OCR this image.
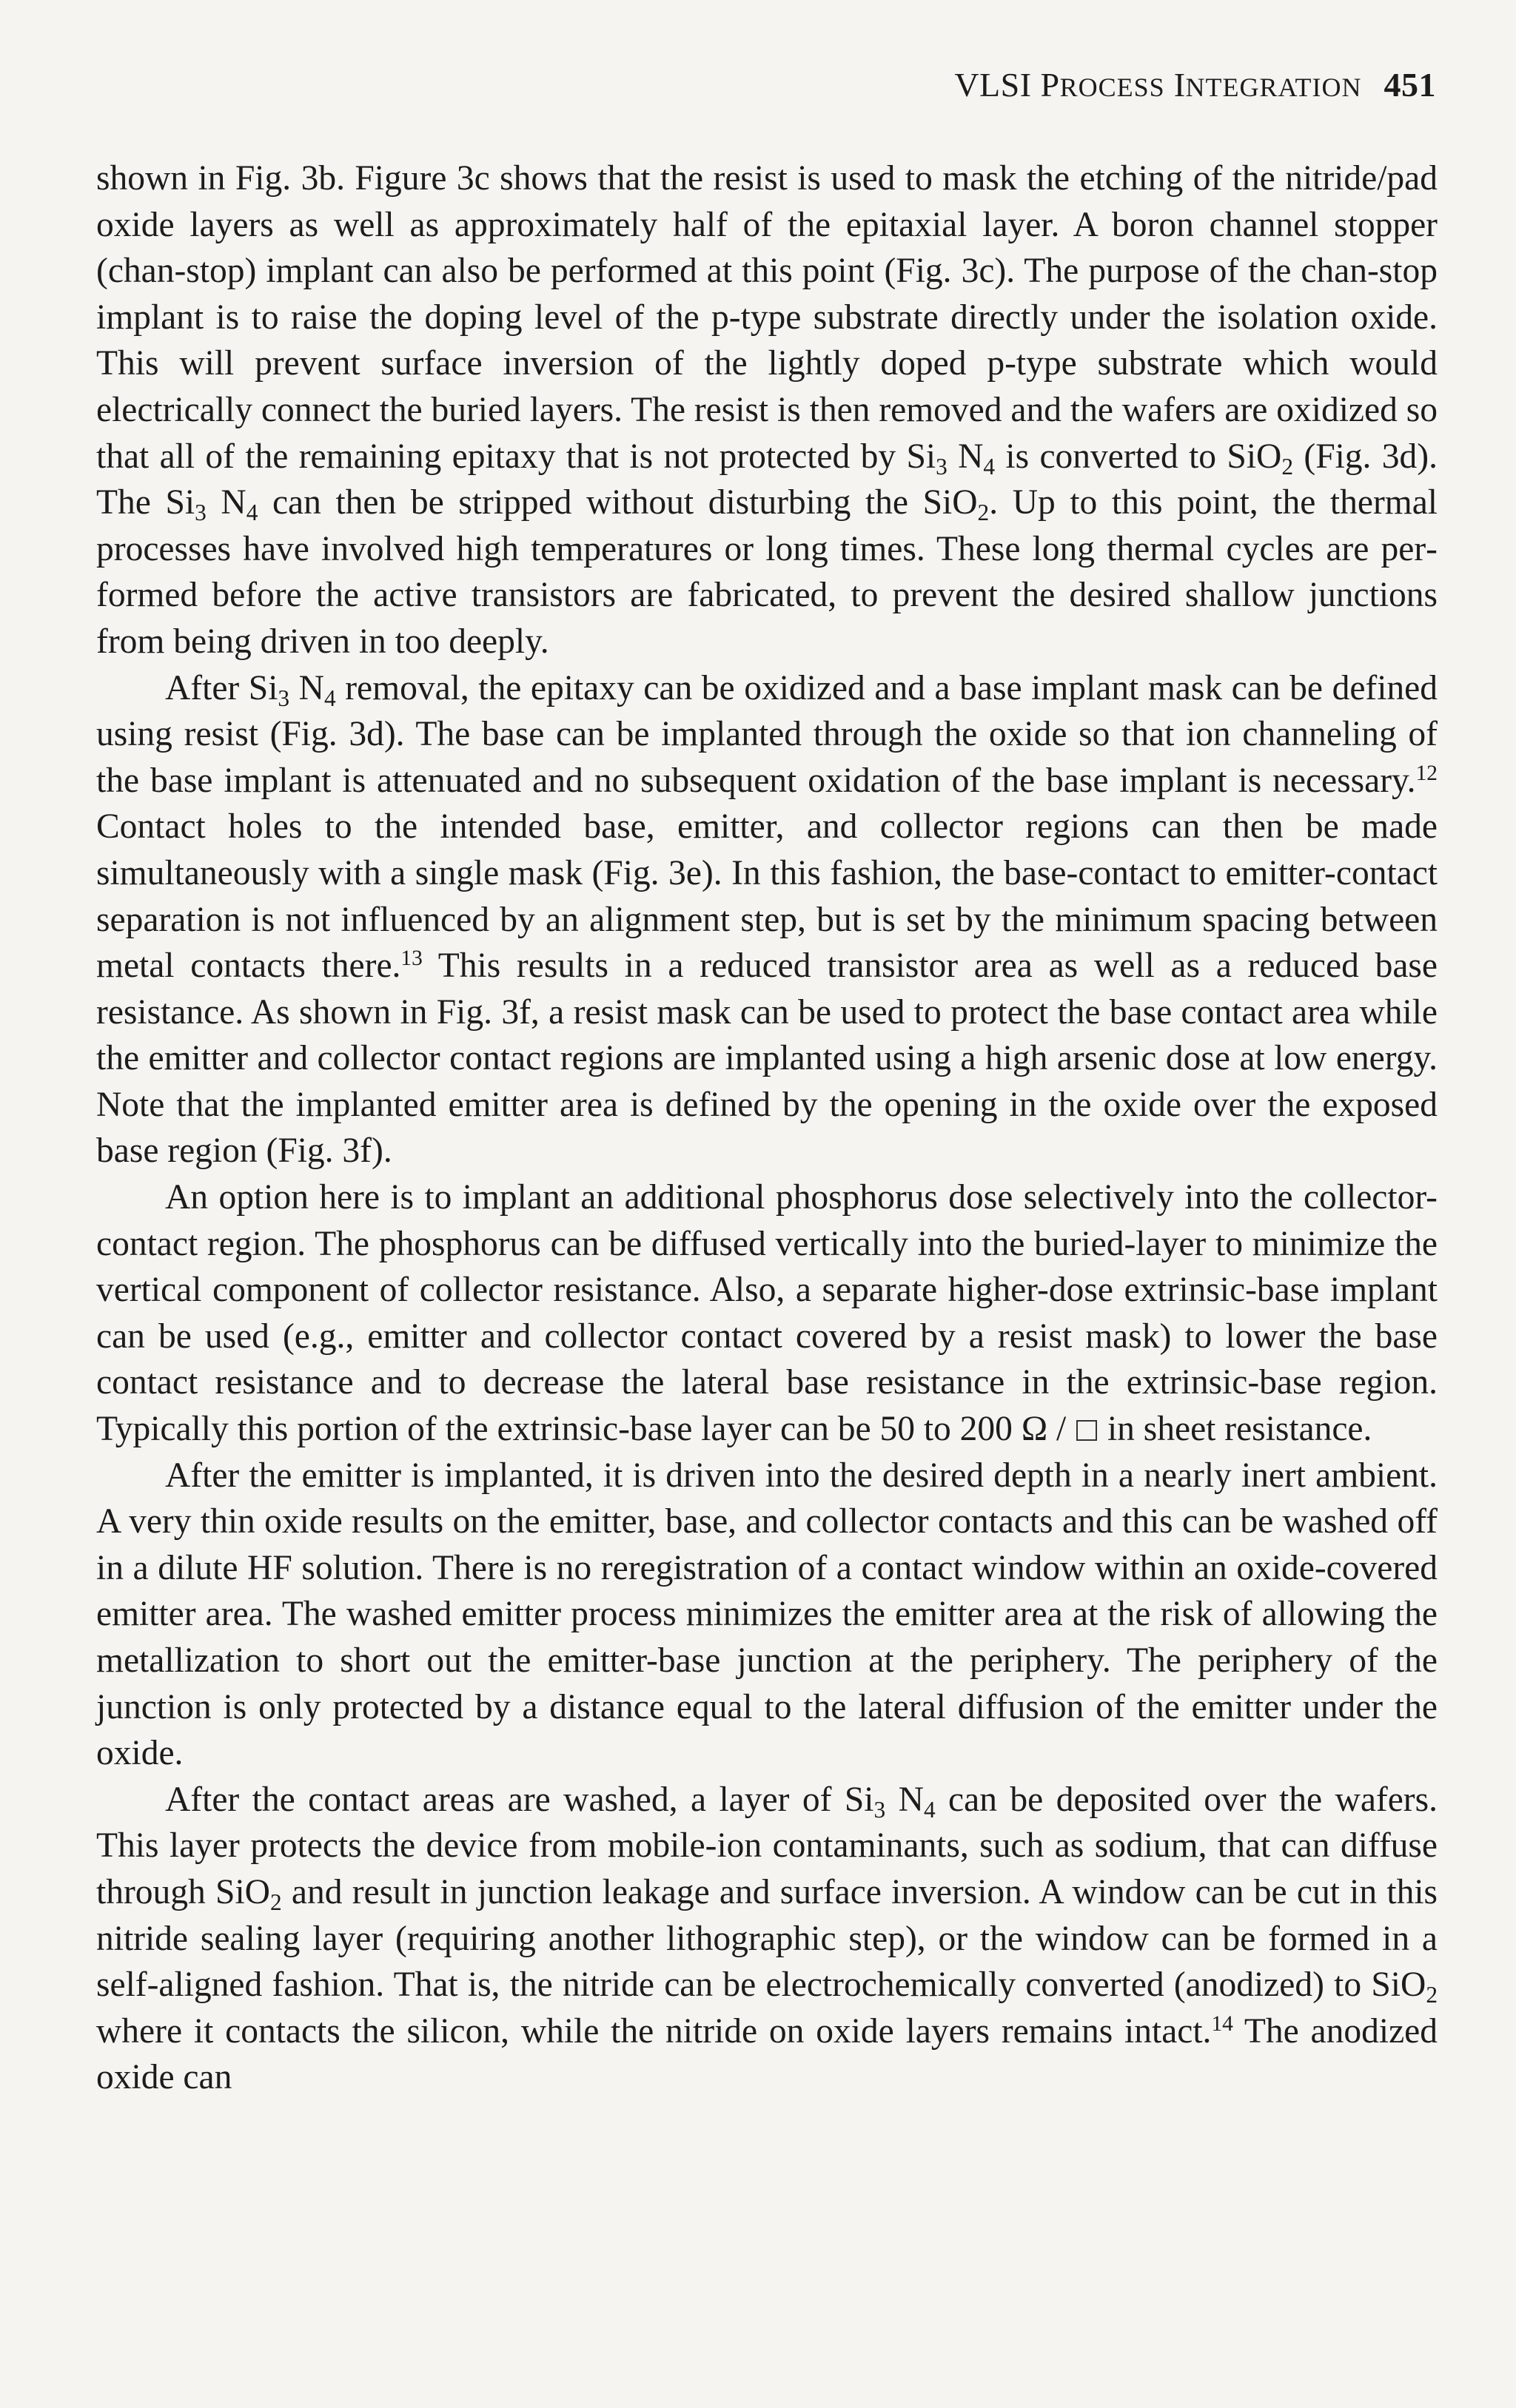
VLSI PROCESS INTEGRATION 451

shown in Fig. 3b. Figure 3c shows that the resist is used to mask the etching of the nitride/pad oxide layers as well as approximately half of the epitaxial layer. A boron channel stopper (chan-stop) implant can also be performed at this point (Fig. 3c). The purpose of the chan-stop implant is to raise the doping level of the p-type substrate directly under the isolation oxide. This will prevent surface inversion of the lightly doped p-type substrate which would electrically connect the buried layers. The resist is then removed and the wafers are oxidized so that all of the remaining epitaxy that is not protected by $Si_3$ $N_4$ is converted to SiO$_2$ (Fig. 3d). The $Si_3$ $N_4$ can then be stripped without disturbing the SiO$_2$. Up to this point, the thermal processes have involved high temperatures or long times. These long thermal cycles are performed before the active transistors are fabricated, to prevent the desired shallow junctions from being driven in too deeply.

After $Si_3$ $N_4$ removal, the epitaxy can be oxidized and a base implant mask can be defined using resist (Fig. 3d). The base can be implanted through the oxide so that ion channeling of the base implant is attenuated and no subsequent oxidation of the base implant is necessary.$^{12}$ Contact holes to the intended base, emitter, and collector regions can then be made simultaneously with a single mask (Fig. 3e). In this fashion, the base-contact to emitter-contact separation is not influenced by an alignment step, but is set by the minimum spacing between metal contacts there.$^{13}$ This results in a reduced transistor area as well as a reduced base resistance. As shown in Fig. 3f, a resist mask can be used to protect the base contact area while the emitter and collector contact regions are implanted using a high arsenic dose at low energy. Note that the implanted emitter area is defined by the opening in the oxide over the exposed base region (Fig. 3f).

An option here is to implant an additional phosphorus dose selectively into the collector-contact region. The phosphorus can be diffused vertically into the buried-layer to minimize the vertical component of collector resistance. Also, a separate higher-dose extrinsic-base implant can be used (e.g., emitter and collector contact covered by a resist mask) to lower the base contact resistance and to decrease the lateral base resistance in the extrinsic-base region. Typically this portion of the extrinsic-base layer can be 50 to 200 Ω /  in sheet resistance.

After the emitter is implanted, it is driven into the desired depth in a nearly inert ambient. A very thin oxide results on the emitter, base, and collector contacts and this can be washed off in a dilute HF solution. There is no reregistration of a contact window within an oxide-covered emitter area. The washed emitter process minimizes the emitter area at the risk of allowing the metallization to short out the emitter-base junction at the periphery. The periphery of the junction is only protected by a distance equal to the lateral diffusion of the emitter under the oxide.

After the contact areas are washed, a layer of $Si_3$ $N_4$ can be deposited over the wafers. This layer protects the device from mobile-ion contaminants, such as sodium, that can diffuse through SiO$_2$ and result in junction leakage and surface inversion. A window can be cut in this nitride sealing layer (requiring another lithographic step), or the window can be formed in a self-aligned fashion. That is, the nitride can be electrochemically converted (anodized) to SiO$_2$ where it contacts the silicon, while the nitride on oxide layers remains intact.$^{14}$ The anodized oxide can
